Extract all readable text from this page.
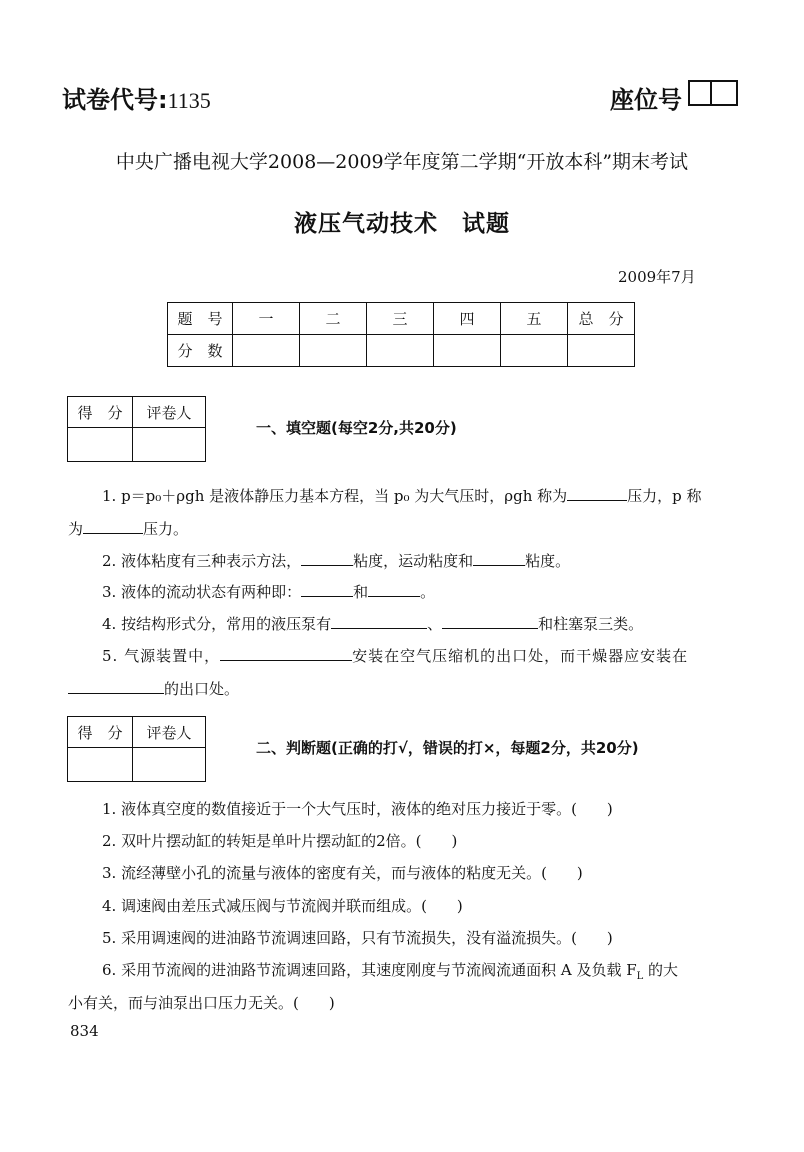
试卷代号:1135	座位号
中央广播电视大学2008—2009学年度第二学期“开放本科”期末考试
液压气动技术　试题
2009年7月
题　号	一	二	三	四	五	总　分
分　数						
得　分	评卷人

一、填空题(每空2分,共20分)
1. p＝p₀＋ρgh 是液体静压力基本方程，当 p₀ 为大气压时，ρgh 称为	压力，p 称
为	压力。
2. 液体粘度有三种表示方法，	粘度，运动粘度和	粘度。
3. 液体的流动状态有两种即：	和	。
4. 按结构形式分，常用的液压泵有	、	和柱塞泵三类。
5. 气源装置中，	安装在空气压缩机的出口处，而干燥器应安装在
的出口处。
得　分	评卷人

二、判断题(正确的打√，错误的打×，每题2分，共20分)
1. 液体真空度的数值接近于一个大气压时，液体的绝对压力接近于零。(　　)
2. 双叶片摆动缸的转矩是单叶片摆动缸的2倍。(　　)
3. 流经薄壁小孔的流量与液体的密度有关，而与液体的粘度无关。(　　)
4. 调速阀由差压式减压阀与节流阀并联而组成。(　　)
5. 采用调速阀的进油路节流调速回路，只有节流损失，没有溢流损失。(　　)
6. 采用节流阀的进油路节流调速回路，其速度刚度与节流阀流通面积 A 及负载 $F_L$ 的大
小有关，而与油泵出口压力无关。(　　)
834
